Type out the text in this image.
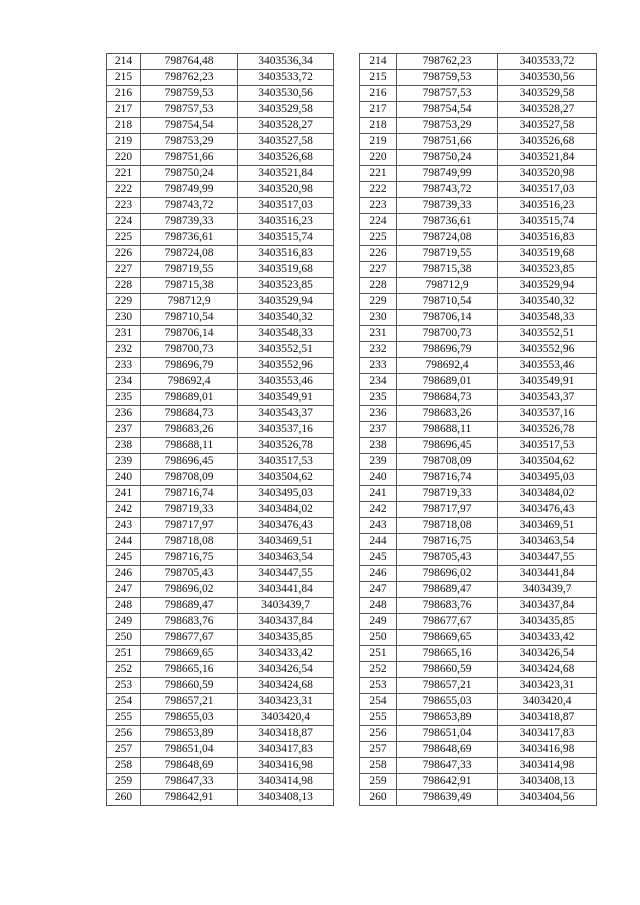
214	798764,48	3403536,34
215	798762,23	3403533,72
216	798759,53	3403530,56
217	798757,53	3403529,58
218	798754,54	3403528,27
219	798753,29	3403527,58
220	798751,66	3403526,68
221	798750,24	3403521,84
222	798749,99	3403520,98
223	798743,72	3403517,03
224	798739,33	3403516,23
225	798736,61	3403515,74
226	798724,08	3403516,83
227	798719,55	3403519,68
228	798715,38	3403523,85
229	798712,9	3403529,94
230	798710,54	3403540,32
231	798706,14	3403548,33
232	798700,73	3403552,51
233	798696,79	3403552,96
234	798692,4	3403553,46
235	798689,01	3403549,91
236	798684,73	3403543,37
237	798683,26	3403537,16
238	798688,11	3403526,78
239	798696,45	3403517,53
240	798708,09	3403504,62
241	798716,74	3403495,03
242	798719,33	3403484,02
243	798717,97	3403476,43
244	798718,08	3403469,51
245	798716,75	3403463,54
246	798705,43	3403447,55
247	798696,02	3403441,84
248	798689,47	3403439,7
249	798683,76	3403437,84
250	798677,67	3403435,85
251	798669,65	3403433,42
252	798665,16	3403426,54
253	798660,59	3403424,68
254	798657,21	3403423,31
255	798655,03	3403420,4
256	798653,89	3403418,87
257	798651,04	3403417,83
258	798648,69	3403416,98
259	798647,33	3403414,98
260	798642,91	3403408,13
214	798762,23	3403533,72
215	798759,53	3403530,56
216	798757,53	3403529,58
217	798754,54	3403528,27
218	798753,29	3403527,58
219	798751,66	3403526,68
220	798750,24	3403521,84
221	798749,99	3403520,98
222	798743,72	3403517,03
223	798739,33	3403516,23
224	798736,61	3403515,74
225	798724,08	3403516,83
226	798719,55	3403519,68
227	798715,38	3403523,85
228	798712,9	3403529,94
229	798710,54	3403540,32
230	798706,14	3403548,33
231	798700,73	3403552,51
232	798696,79	3403552,96
233	798692,4	3403553,46
234	798689,01	3403549,91
235	798684,73	3403543,37
236	798683,26	3403537,16
237	798688,11	3403526,78
238	798696,45	3403517,53
239	798708,09	3403504,62
240	798716,74	3403495,03
241	798719,33	3403484,02
242	798717,97	3403476,43
243	798718,08	3403469,51
244	798716,75	3403463,54
245	798705,43	3403447,55
246	798696,02	3403441,84
247	798689,47	3403439,7
248	798683,76	3403437,84
249	798677,67	3403435,85
250	798669,65	3403433,42
251	798665,16	3403426,54
252	798660,59	3403424,68
253	798657,21	3403423,31
254	798655,03	3403420,4
255	798653,89	3403418,87
256	798651,04	3403417,83
257	798648,69	3403416,98
258	798647,33	3403414,98
259	798642,91	3403408,13
260	798639,49	3403404,56
